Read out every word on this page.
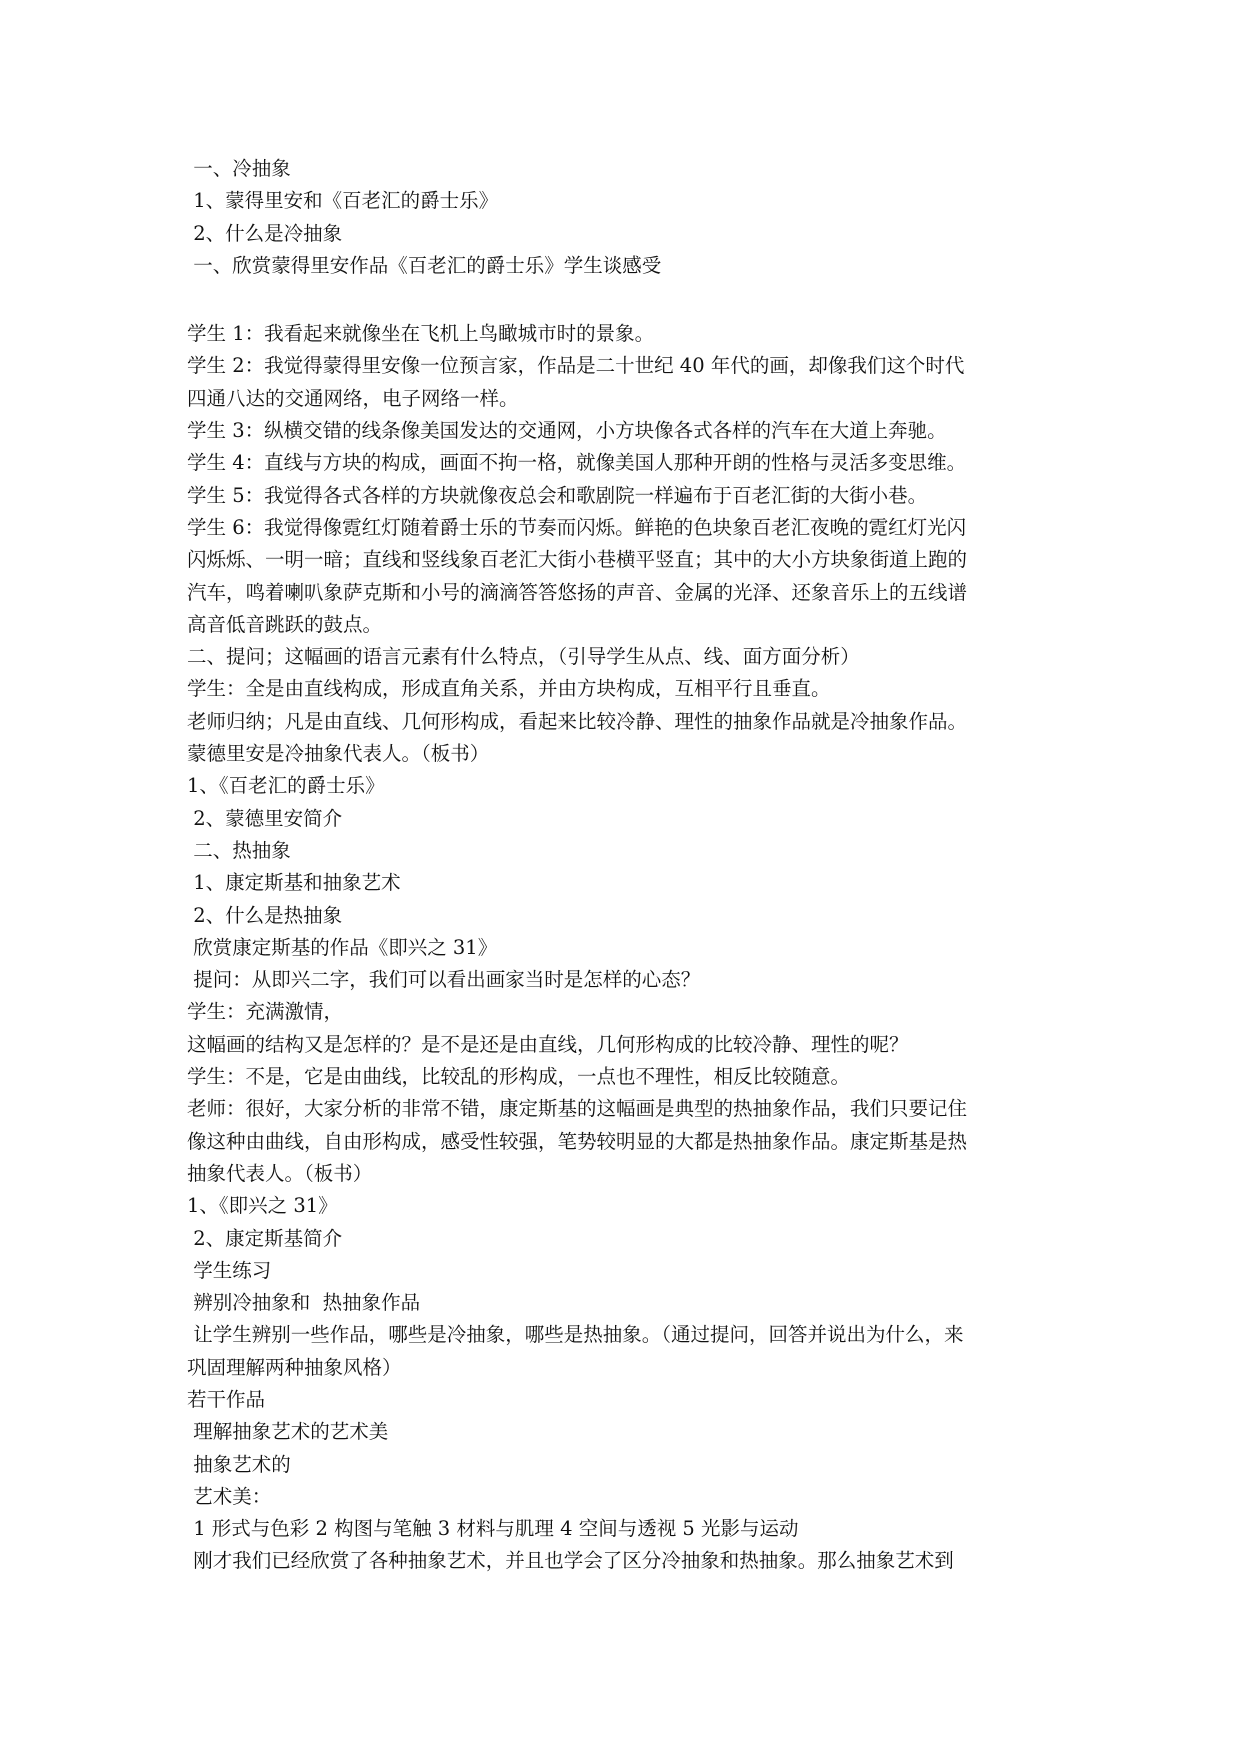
一、冷抽象
1、蒙得里安和《百老汇的爵士乐》
2、什么是冷抽象
一、欣赏蒙得里安作品《百老汇的爵士乐》学生谈感受
学生 1：我看起来就像坐在飞机上鸟瞰城市时的景象。
学生 2：我觉得蒙得里安像一位预言家，作品是二十世纪 40 年代的画，却像我们这个时代
四通八达的交通网络，电子网络一样。
学生 3：纵横交错的线条像美国发达的交通网，小方块像各式各样的汽车在大道上奔驰。
学生 4：直线与方块的构成，画面不拘一格，就像美国人那种开朗的性格与灵活多变思维。
学生 5：我觉得各式各样的方块就像夜总会和歌剧院一样遍布于百老汇街的大街小巷。
学生 6：我觉得像霓红灯随着爵士乐的节奏而闪烁。鲜艳的色块象百老汇夜晚的霓红灯光闪
闪烁烁、一明一暗；直线和竖线象百老汇大街小巷横平竖直；其中的大小方块象街道上跑的
汽车，鸣着喇叭象萨克斯和小号的滴滴答答悠扬的声音、金属的光泽、还象音乐上的五线谱
高音低音跳跃的鼓点。
二、提问；这幅画的语言元素有什么特点，（引导学生从点、线、面方面分析）
学生：全是由直线构成，形成直角关系，并由方块构成，互相平行且垂直。
老师归纳；凡是由直线、几何形构成，看起来比较冷静、理性的抽象作品就是冷抽象作品。
蒙德里安是冷抽象代表人。（板书）
1、《百老汇的爵士乐》
2、蒙德里安简介
二、热抽象
1、康定斯基和抽象艺术
2、什么是热抽象
欣赏康定斯基的作品《即兴之 31》
提问：从即兴二字，我们可以看出画家当时是怎样的心态？
学生：充满激情，
这幅画的结构又是怎样的？是不是还是由直线，几何形构成的比较冷静、理性的呢？
学生：不是，它是由曲线，比较乱的形构成，一点也不理性，相反比较随意。
老师：很好，大家分析的非常不错，康定斯基的这幅画是典型的热抽象作品，我们只要记住
像这种由曲线，自由形构成，感受性较强，笔势较明显的大都是热抽象作品。康定斯基是热
抽象代表人。（板书）
1、《即兴之 31》
2、康定斯基简介
学生练习
辨别冷抽象和  热抽象作品
让学生辨别一些作品，哪些是冷抽象，哪些是热抽象。（通过提问，回答并说出为什么，来
巩固理解两种抽象风格）
若干作品
理解抽象艺术的艺术美
抽象艺术的
艺术美：
1 形式与色彩 2 构图与笔触 3 材料与肌理 4 空间与透视 5 光影与运动
刚才我们已经欣赏了各种抽象艺术，并且也学会了区分冷抽象和热抽象。那么抽象艺术到
